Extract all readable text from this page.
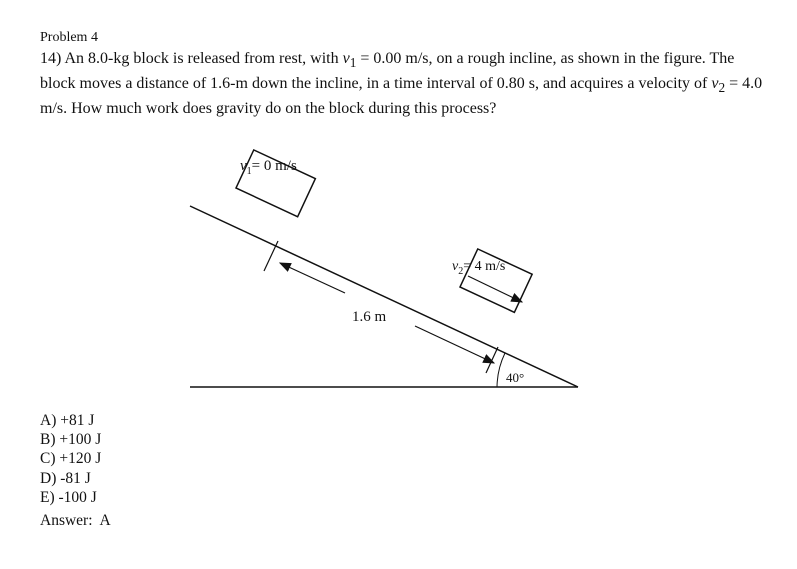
Problem 4
14) An 8.0-kg block is released from rest, with $v_1 = 0.00$ m/s, on a rough incline, as shown in the figure. The block moves a distance of 1.6-m down the incline, in a time interval of 0.80 s, and acquires a velocity of $v_2 = 4.0$ m/s. How much work does gravity do on the block during this process?
$v_1= 0$ m/s
$v_2= 4$ m/s
1.6 m
40°
A) +81 J
B) +100 J
C) +120 J
D) -81 J
E) -100 J
Answer: A
